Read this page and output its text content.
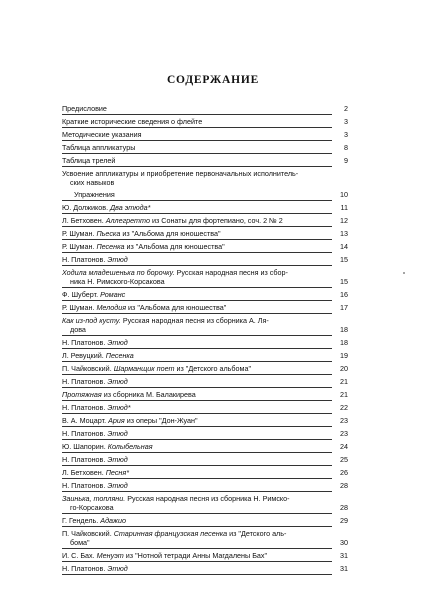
СОДЕРЖАНИЕ
Предисловие	2
Краткие исторические сведения о флейте	3
Методические указания	3
Таблица аппликатуры	8
Таблица трелей	9
Усвоение аппликатуры и приобретение первоначальных исполнитель-
ских навыков
Упражнения	10
Ю. Должиков. Два этюда*	11
Л. Бетховен. Аллегретто из Сонаты для фортепиано, соч. 2 № 2	12
Р. Шуман. Пьеска из "Альбома для юношества"	13
Р. Шуман. Песенка из "Альбома для юношества"	14
Н. Платонов. Этюд	15
Ходила младешенька по борочку. Русская народная песня из сбор-
ника Н. Римского-Корсакова	15
Ф. Шуберт. Романс	16
Р. Шуман. Мелодия из "Альбома для юношества"	17
Как из-под кусту. Русская народная песня из сборника А. Ля-
дова	18
Н. Платонов. Этюд	18
Л. Ревуцкий. Песенка	19
П. Чайковский. Шарманщик поет из "Детского альбома"	20
Н. Платонов. Этюд	21
Протяжная из сборника М. Балакирева	21
Н. Платонов. Этюд*	22
В. А. Моцарт. Ария из оперы "Дон-Жуан"	23
Н. Платонов. Этюд	23
Ю. Шапорин. Колыбельная	24
Н. Платонов. Этюд	25
Л. Бетховен. Песня*	26
Н. Платонов. Этюд	28
Заинька, топляни. Русская народная песня из сборника Н. Римско-
го-Корсакова	28
Г. Гендель. Адажио	29
П. Чайковский. Старинная французская песенка из "Детского аль-
бома"	30
И. С. Бах. Менуэт из "Нотной тетради Анны Магдалены Бах"	31
Н. Платонов. Этюд	31
